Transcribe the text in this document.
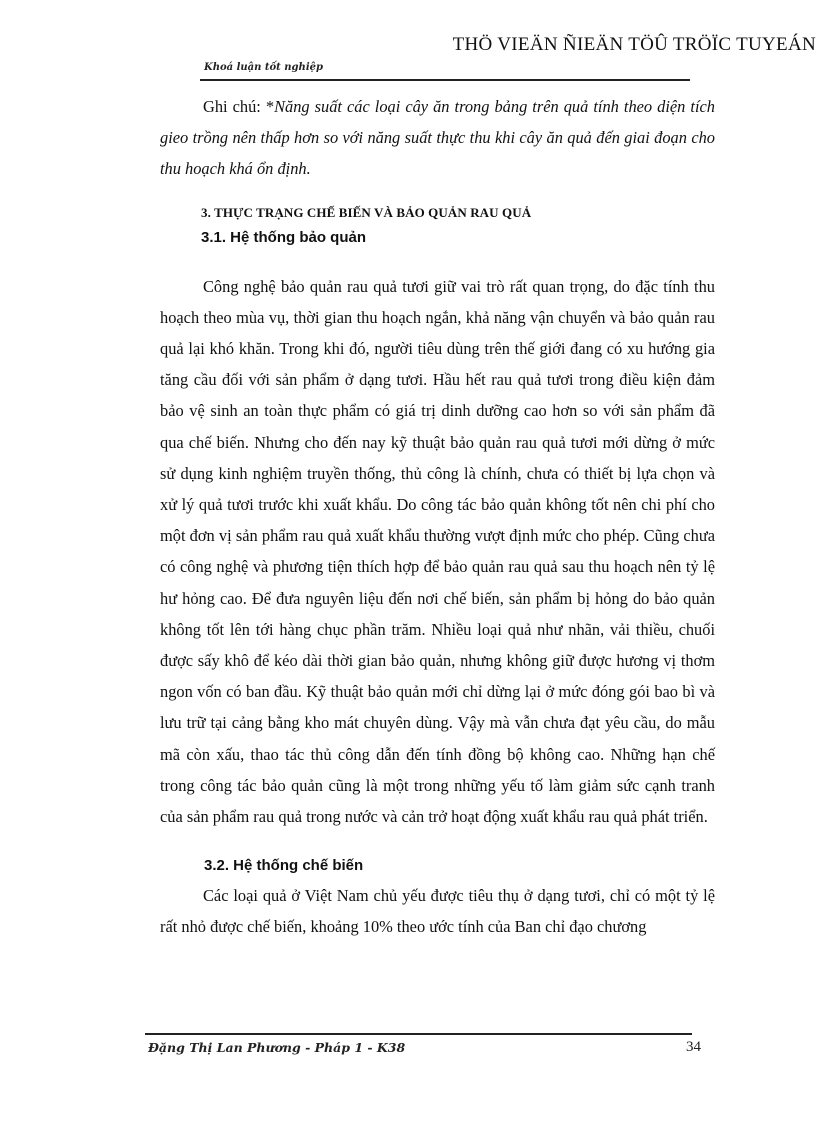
THÖ VIEÄN ÑIEÄN TÖÛ TRÖÏC TUYEÁN
Khoá luận tốt nghiệp

Ghi chú: *Năng suất các loại cây ăn trong bảng trên quả tính theo diện tích gieo trồng nên thấp hơn so với năng suất thực thu khi cây ăn quả đến giai đoạn cho thu hoạch khá ổn định.

3. THỰC TRẠNG CHẾ BIẾN VÀ BẢO QUẢN RAU QUẢ
3.1. Hệ thống bảo quản

Công nghệ bảo quản rau quả tươi giữ vai trò rất quan trọng, do đặc tính thu hoạch theo mùa vụ, thời gian thu hoạch ngắn, khả năng vận chuyển và bảo quản rau quả lại khó khăn. Trong khi đó, người tiêu dùng trên thế giới đang có xu hướng gia tăng cầu đối với sản phẩm ở dạng tươi. Hầu hết rau quả tươi trong điều kiện đảm bảo vệ sinh an toàn thực phẩm có giá trị dinh dưỡng cao hơn so với sản phẩm đã qua chế biến. Nhưng cho đến nay kỹ thuật bảo quản rau quả tươi mới dừng ở mức sử dụng kinh nghiệm truyền thống, thủ công là chính, chưa có thiết bị lựa chọn và xử lý quả tươi trước khi xuất khẩu. Do công tác bảo quản không tốt nên chi phí cho một đơn vị sản phẩm rau quả xuất khẩu thường vượt định mức cho phép. Cũng chưa có công nghệ và phương tiện thích hợp để bảo quản rau quả sau thu hoạch nên tỷ lệ hư hỏng cao. Để đưa nguyên liệu đến nơi chế biến, sản phẩm bị hỏng do bảo quản không tốt lên tới hàng chục phần trăm. Nhiều loại quả như nhãn, vải thiều, chuối được sấy khô để kéo dài thời gian bảo quản, nhưng không giữ được hương vị thơm ngon vốn có ban đầu. Kỹ thuật bảo quản mới chỉ dừng lại ở mức đóng gói bao bì và lưu trữ tại cảng bằng kho mát chuyên dùng. Vậy mà vẫn chưa đạt yêu cầu, do mẫu mã còn xấu, thao tác thủ công dẫn đến tính đồng bộ không cao. Những hạn chế trong công tác bảo quản cũng là một trong những yếu tố làm giảm sức cạnh tranh của sản phẩm rau quả trong nước và cản trở hoạt động xuất khẩu rau quả phát triển.

3.2. Hệ thống chế biến

Các loại quả ở Việt Nam chủ yếu được tiêu thụ ở dạng tươi, chỉ có một tỷ lệ rất nhỏ được chế biến, khoảng 10% theo ước tính của Ban chỉ đạo chương

Đặng Thị Lan Phương - Pháp 1 - K38	34
